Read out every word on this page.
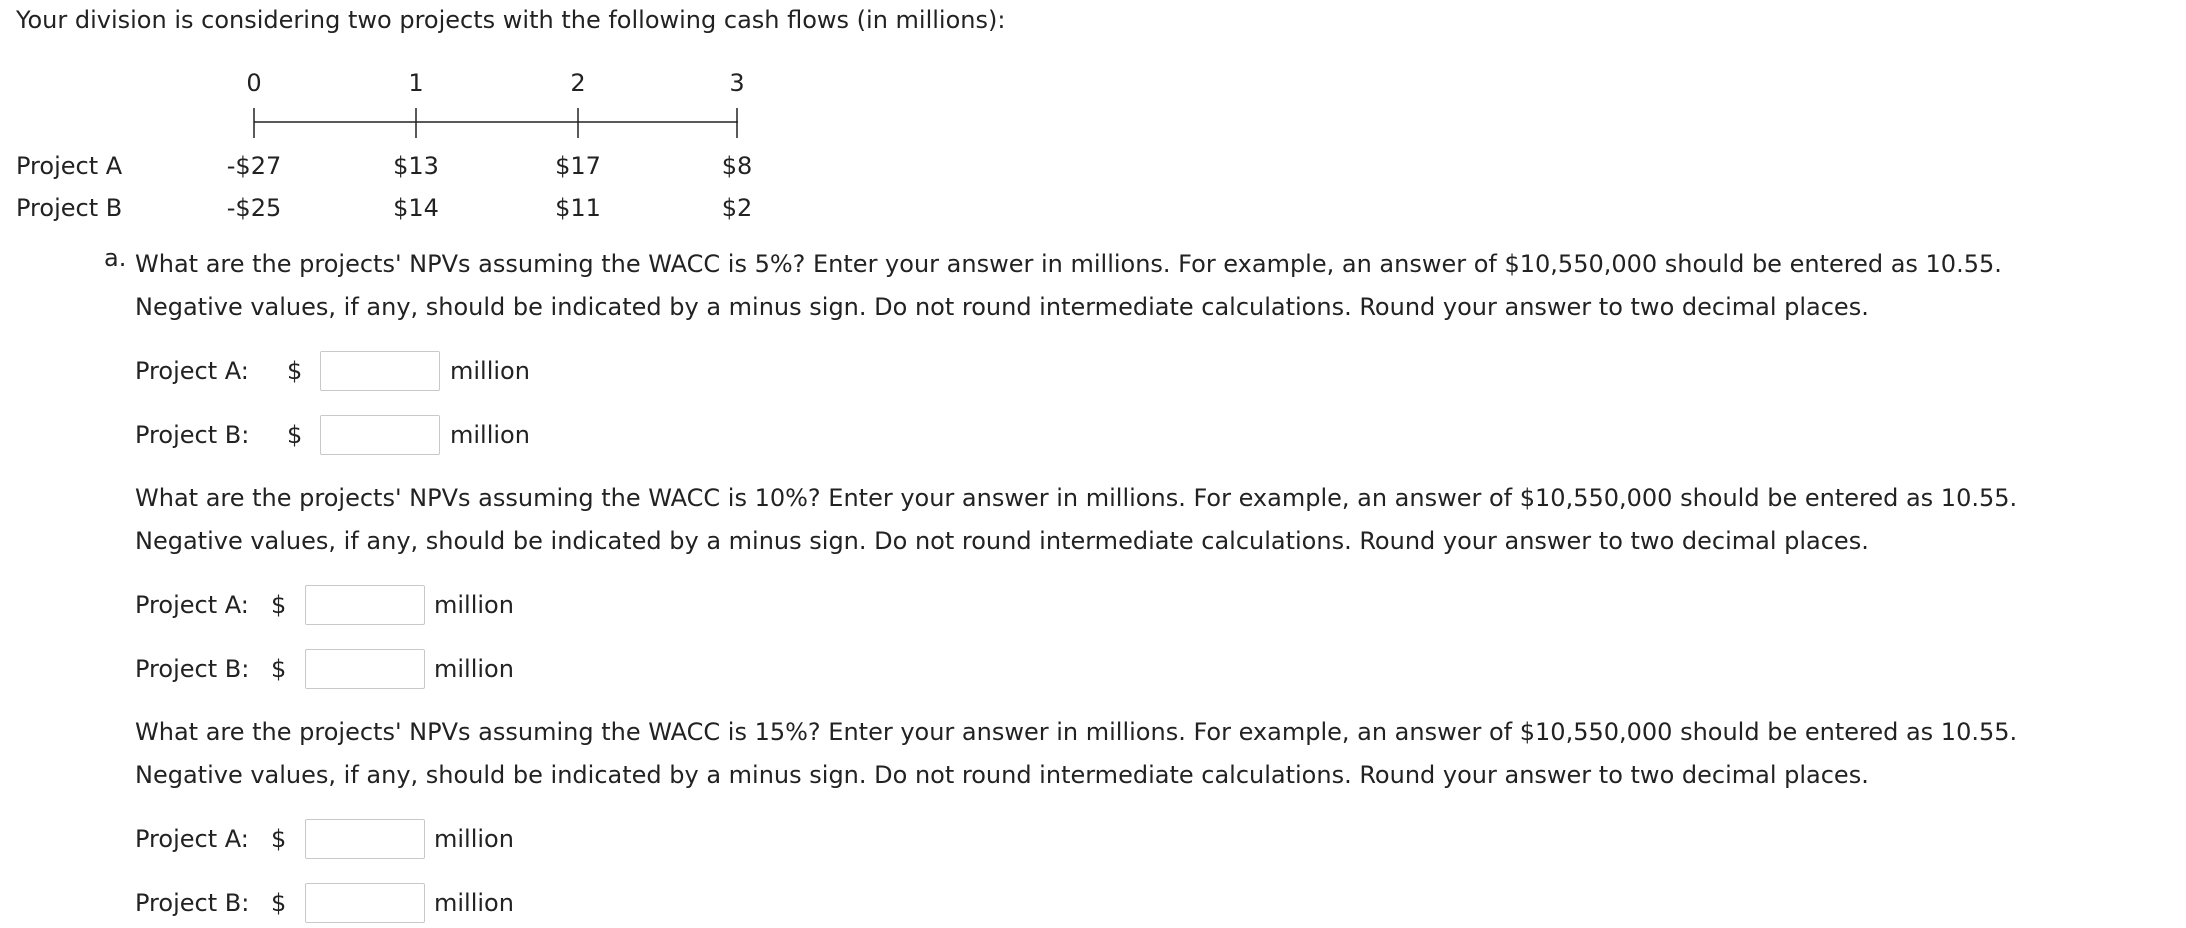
Your division is considering two projects with the following cash flows (in millions):
0	1	2	3
Project A	-$27	$13	$17	$8
Project B	-$25	$14	$11	$2
a. What are the projects' NPVs assuming the WACC is 5%? Enter your answer in millions. For example, an answer of $10,550,000 should be entered as 10.55.
Negative values, if any, should be indicated by a minus sign. Do not round intermediate calculations. Round your answer to two decimal places.
Project A: $	million
Project B: $	million
What are the projects' NPVs assuming the WACC is 10%? Enter your answer in millions. For example, an answer of $10,550,000 should be entered as 10.55.
Negative values, if any, should be indicated by a minus sign. Do not round intermediate calculations. Round your answer to two decimal places.
Project A: $	million
Project B: $	million
What are the projects' NPVs assuming the WACC is 15%? Enter your answer in millions. For example, an answer of $10,550,000 should be entered as 10.55.
Negative values, if any, should be indicated by a minus sign. Do not round intermediate calculations. Round your answer to two decimal places.
Project A: $	million
Project B: $	million
